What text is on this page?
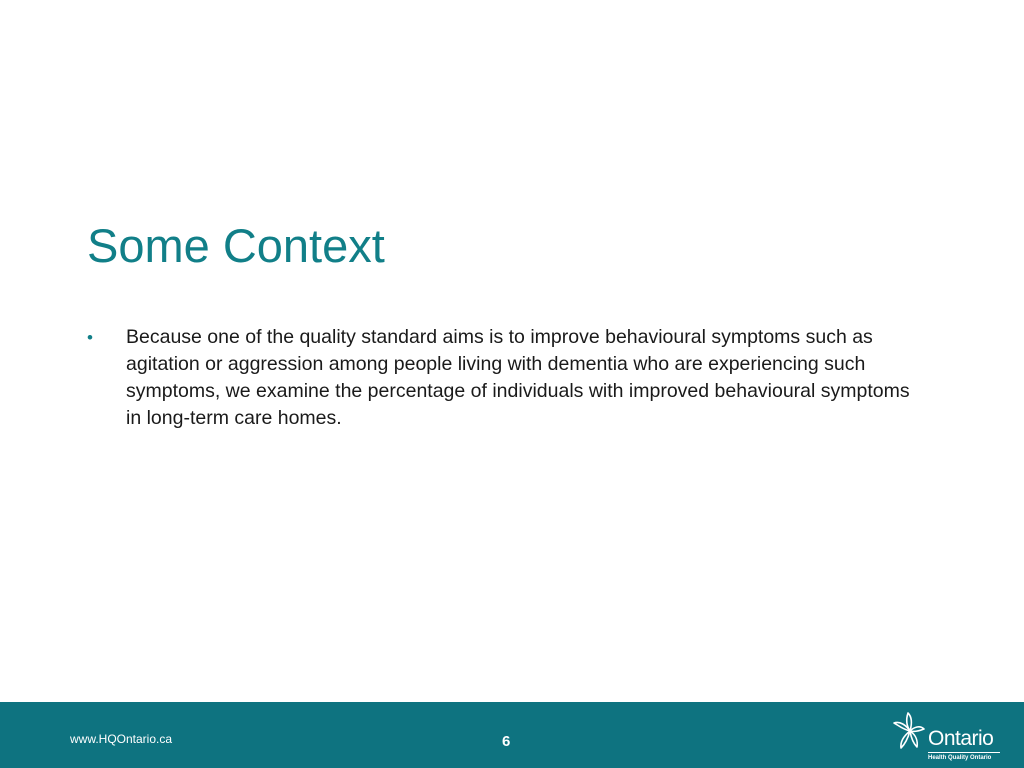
Some Context
• Because one of the quality standard aims is to improve behavioural symptoms such as agitation or aggression among people living with dementia who are experiencing such symptoms, we examine the percentage of individuals with improved behavioural symptoms in long-term care homes.
www.HQOntario.ca	6	Ontario
Health Quality Ontario
